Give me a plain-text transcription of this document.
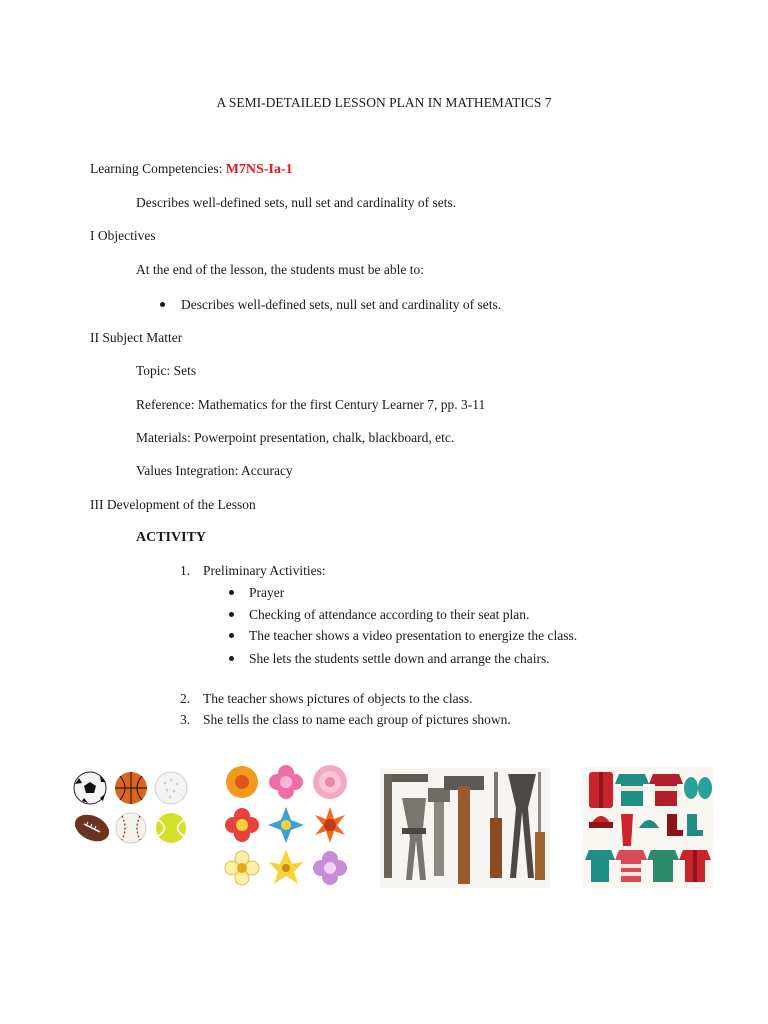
A SEMI-DETAILED LESSON PLAN IN MATHEMATICS 7
Learning Competencies: M7NS-Ia-1
Describes well-defined sets, null set and cardinality of sets.
I Objectives
At the end of the lesson, the students must be able to:
Describes well-defined sets, null set and cardinality of sets.
II Subject Matter
Topic: Sets
Reference: Mathematics for the first Century Learner 7, pp. 3-11
Materials: Powerpoint presentation, chalk, blackboard, etc.
Values Integration: Accuracy
III Development of the Lesson
ACTIVITY
1. Preliminary Activities:
Prayer
Checking of attendance according to their seat plan.
The teacher shows a video presentation to energize the class.
She lets the students settle down and arrange the chairs.
2. The teacher shows pictures of objects to the class.
3. She tells the class to name each group of pictures shown.
